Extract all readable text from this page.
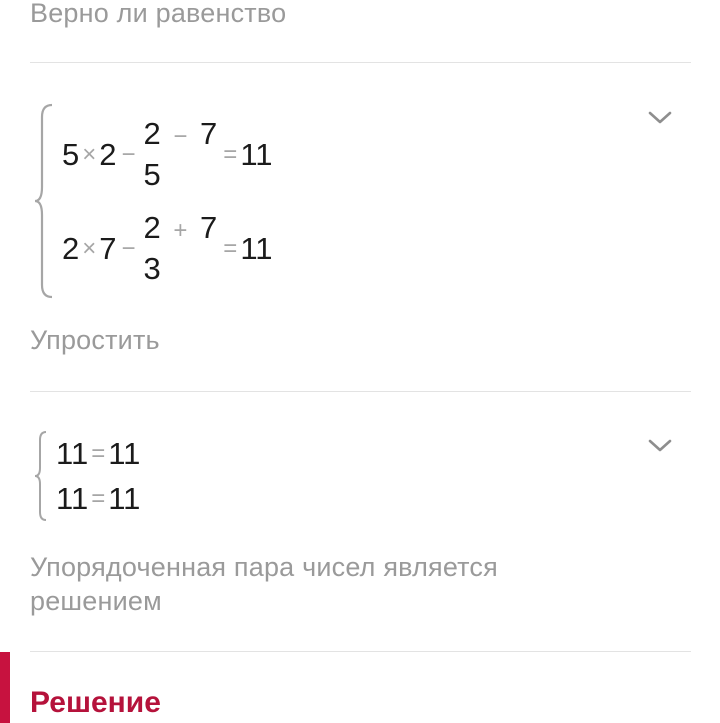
Верно ли равенство
5 × 2 −
2 − 7 5
= 11
2 × 7 −
2 + 7 3
= 11
Упростить
11 = 11
11 = 11
Упорядоченная пара чисел является
решением
Решение
